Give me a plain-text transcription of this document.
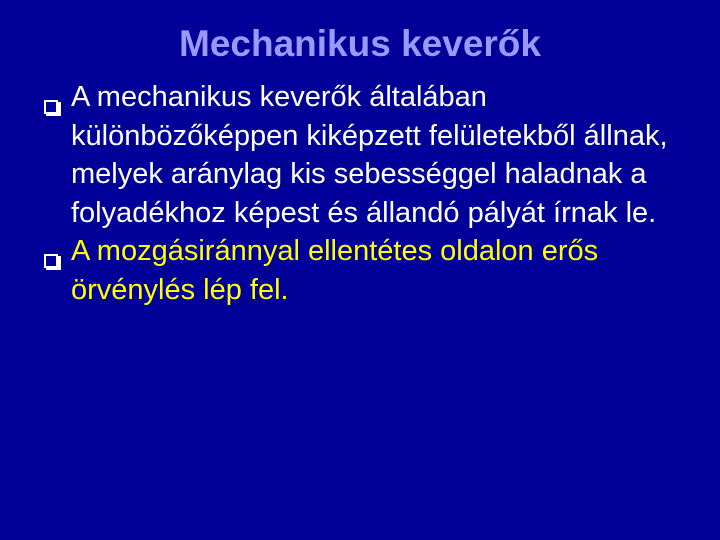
Mechanikus keverők
A mechanikus keverők általában különbözőképpen kiképzett felületekből állnak, melyek aránylag kis sebességgel haladnak a folyadékhoz képest és állandó pályát írnak le.
A mozgásiránnyal ellentétes oldalon erős örvénylés lép fel.
